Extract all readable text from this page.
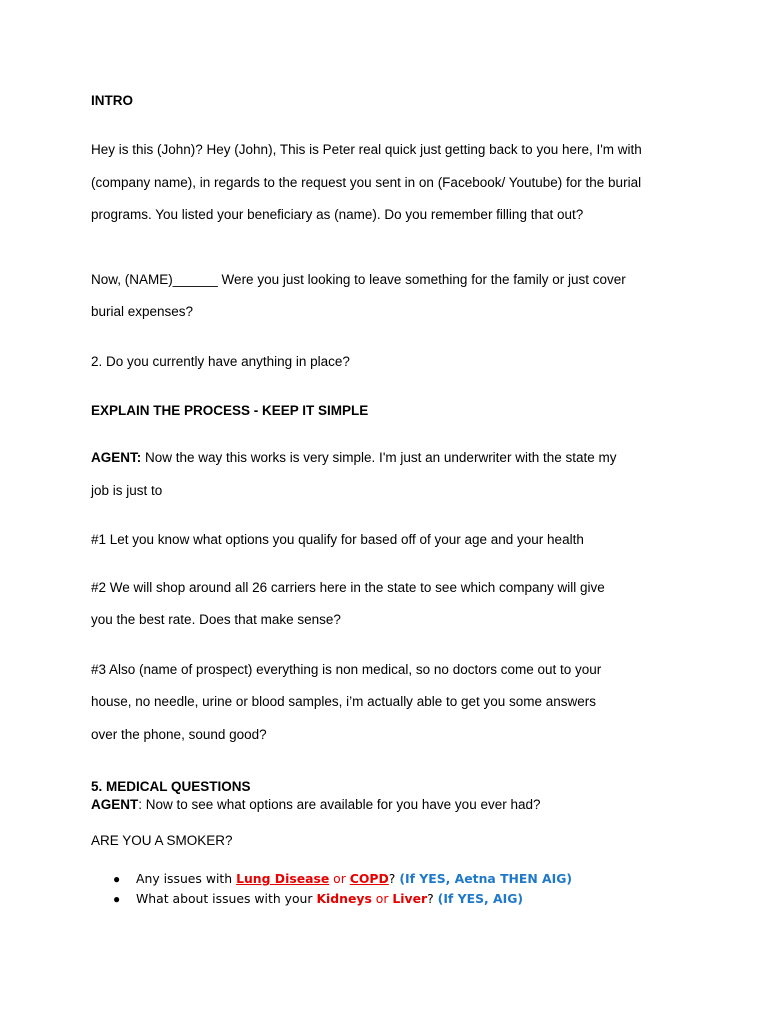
INTRO
Hey is this (John)? Hey (John), This is Peter real quick just getting back to you here, I'm with
(company name), in regards to the request you sent in on (Facebook/ Youtube) for the burial
programs. You listed your beneficiary as (name). Do you remember filling that out?
Now, (NAME)______ Were you just looking to leave something for the family or just cover
burial expenses?
2. Do you currently have anything in place?
EXPLAIN THE PROCESS - KEEP IT SIMPLE
AGENT: Now the way this works is very simple. I'm just an underwriter with the state my
job is just to
#1 Let you know what options you qualify for based off of your age and your health
#2 We will shop around all 26 carriers here in the state to see which company will give
you the best rate. Does that make sense?
#3 Also (name of prospect) everything is non medical, so no doctors come out to your
house, no needle, urine or blood samples, i’m actually able to get you some answers
over the phone, sound good?
5. MEDICAL QUESTIONS
AGENT: Now to see what options are available for you have you ever had?
ARE YOU A SMOKER?
● Any issues with Lung Disease or COPD? (If YES, Aetna THEN AIG)
● What about issues with your Kidneys or Liver? (If YES, AIG)
